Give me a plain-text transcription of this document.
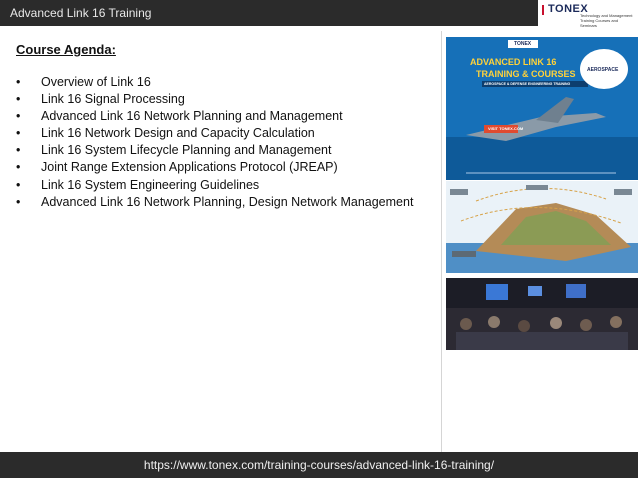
Advanced Link 16 Training	TONEX
Technology and Management Training Courses and Seminars
Course Agenda:
• Overview of Link 16
• Link 16 Signal Processing
• Advanced Link 16 Network Planning and Management
• Link 16 Network Design and Capacity Calculation
• Link 16 System Lifecycle Planning and Management
• Joint Range Extension Applications Protocol (JREAP)
• Link 16 System Engineering Guidelines
• Advanced Link 16 Network Planning, Design Network Management
TONEX
ADVANCED LINK 16
TRAINING & COURSES
AEROSPACE & DEFENSE ENGINEERING TRAINING
AEROSPACE
VISIT TONEX.COM
https://www.tonex.com/training-courses/advanced-link-16-training/
